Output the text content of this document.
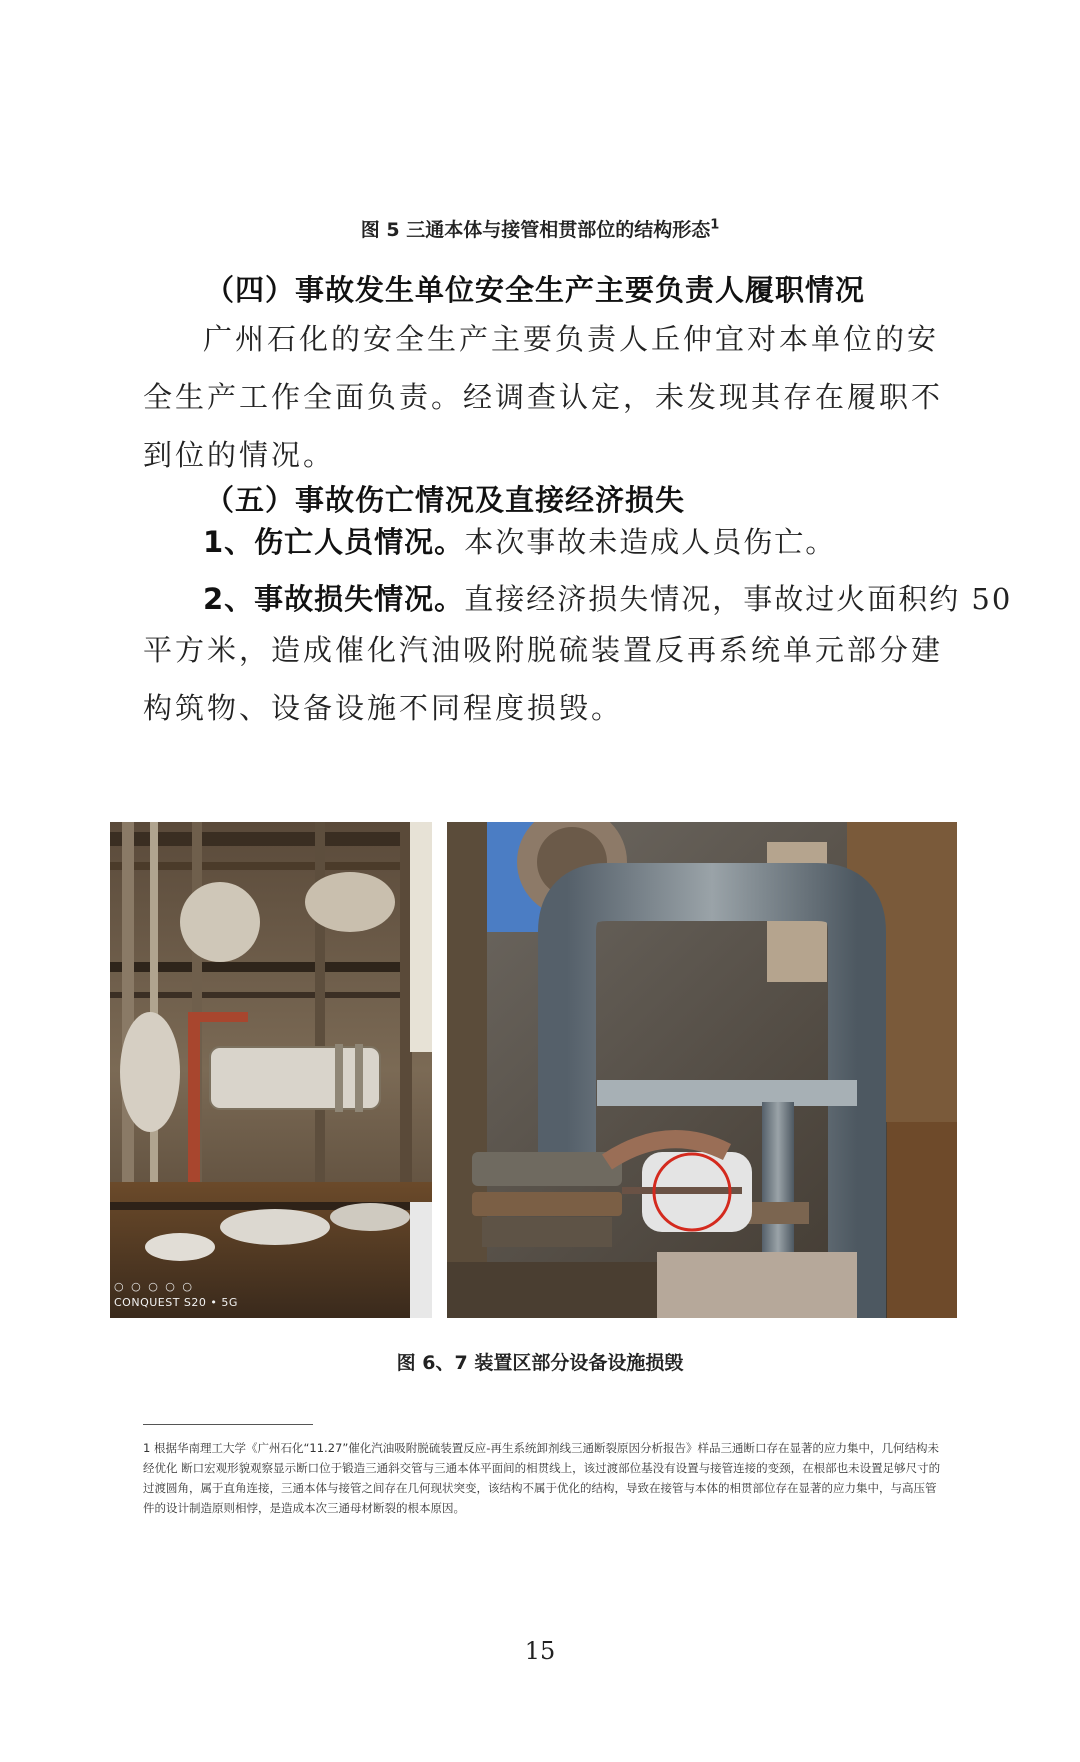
图 5 三通本体与接管相贯部位的结构形态$^1$
（四）事故发生单位安全生产主要负责人履职情况
广州石化的安全生产主要负责人丘仲宜对本单位的安全生产工作全面负责。经调查认定，未发现其存在履职不到位的情况。
（五）事故伤亡情况及直接经济损失
1、伤亡人员情况。本次事故未造成人员伤亡。
2、事故损失情况。直接经济损失情况，事故过火面积约 50
平方米，造成催化汽油吸附脱硫装置反再系统单元部分建构筑物、设备设施不同程度损毁。
○ ○ ○ ○ ○
CONQUEST S20 • 5G
图 6、7 装置区部分设备设施损毁
1 根据华南理工大学《广州石化“11.27”催化汽油吸附脱硫装置反应-再生系统卸剂线三通断裂原因分析报告》样品三通断口存在显著的应力集中，几何结构未经优化 断口宏观形貌观察显示断口位于锻造三通斜交管与三通本体平面间的相贯线上，该过渡部位基没有设置与接管连接的变颈，在根部也未设置足够尺寸的过渡圆角，属于直角连接，三通本体与接管之间存在几何现状突变，该结构不属于优化的结构，导致在接管与本体的相贯部位存在显著的应力集中，与高压管件的设计制造原则相悖，是造成本次三通母材断裂的根本原因。
15
